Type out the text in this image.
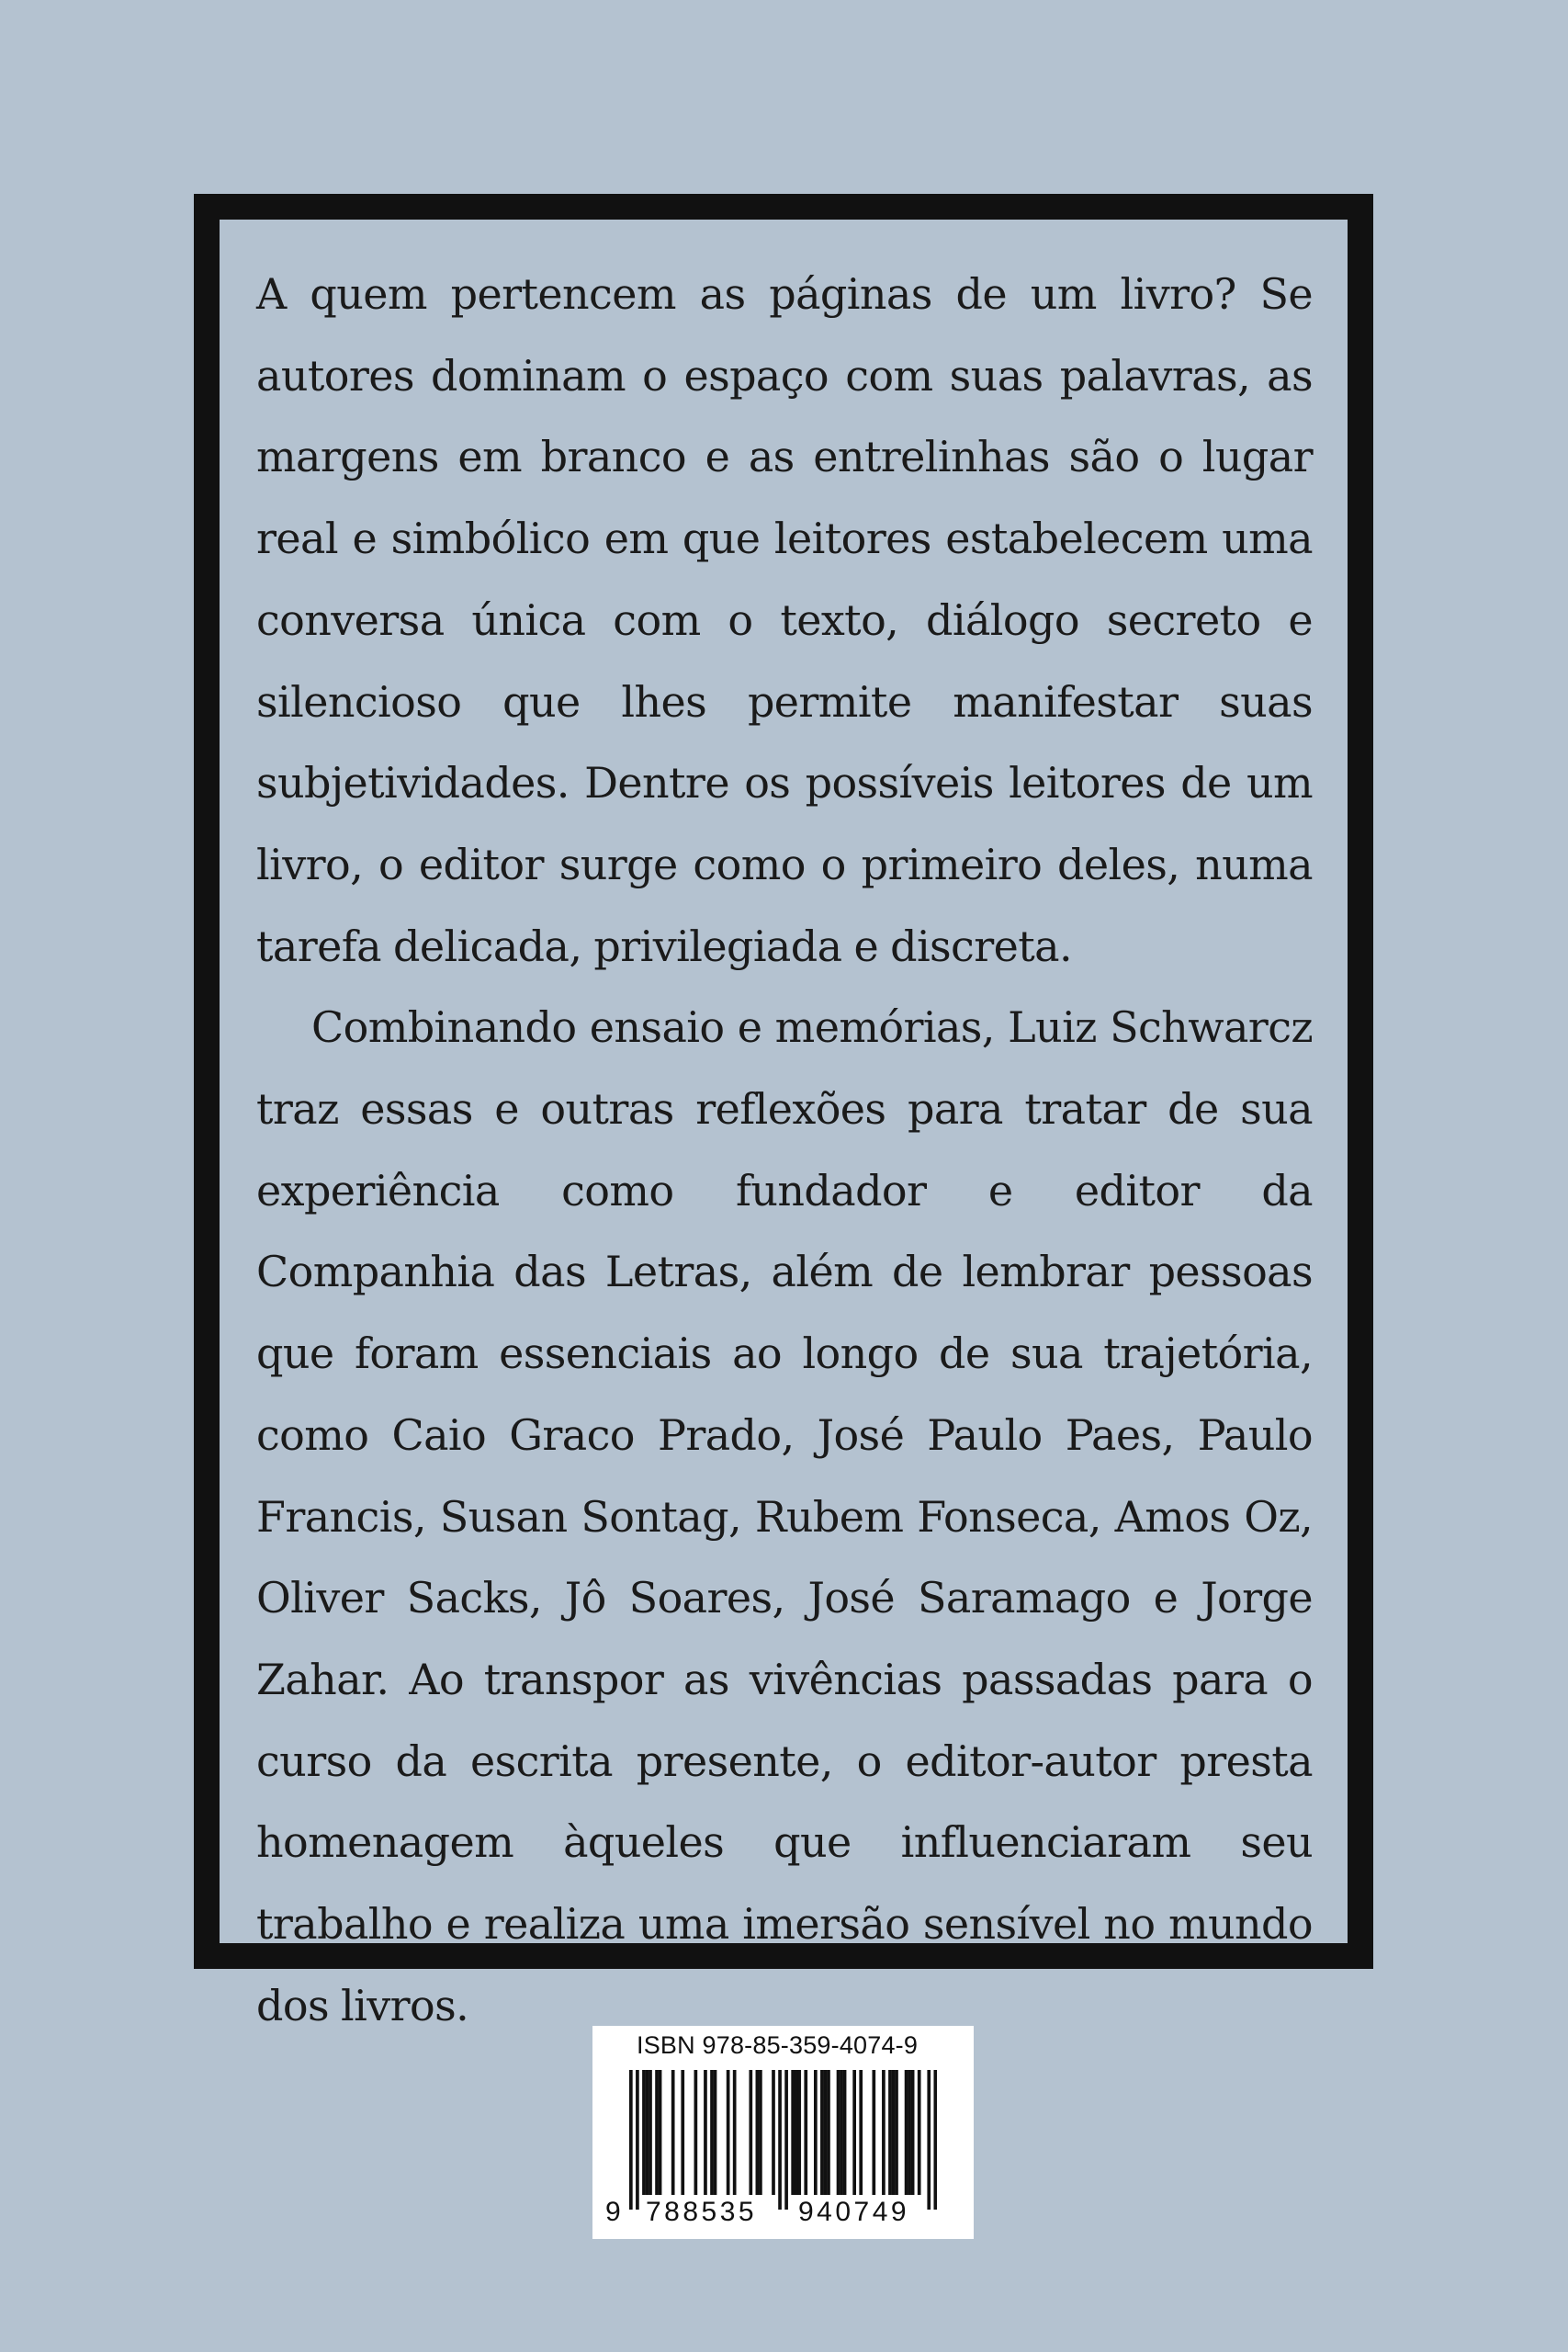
A quem pertencem as páginas de um livro? Se autores dominam o espaço com suas palavras, as margens em branco e as entrelinhas são o lugar real e simbólico em que leitores estabelecem uma conversa única com o texto, diálogo secreto e silencioso que lhes permite manifestar suas subjetividades. Dentre os possíveis leitores de um livro, o editor surge como o primeiro deles, numa tarefa delicada, privilegiada e discreta.

Combinando ensaio e memórias, Luiz Schwarcz traz essas e outras reflexões para tratar de sua experiência como fundador e editor da Companhia das Letras, além de lembrar pessoas que foram essenciais ao longo de sua trajetória, como Caio Graco Prado, José Paulo Paes, Paulo Francis, Susan Sontag, Rubem Fonseca, Amos Oz, Oliver Sacks, Jô Soares, José Saramago e Jorge Zahar. Ao transpor as vivências passadas para o curso da escrita presente, o editor-autor presta homenagem àqueles que influenciaram seu trabalho e realiza uma imersão sensível no mundo dos livros.

ISBN 978-85-359-4074-9
9 788535 940749
